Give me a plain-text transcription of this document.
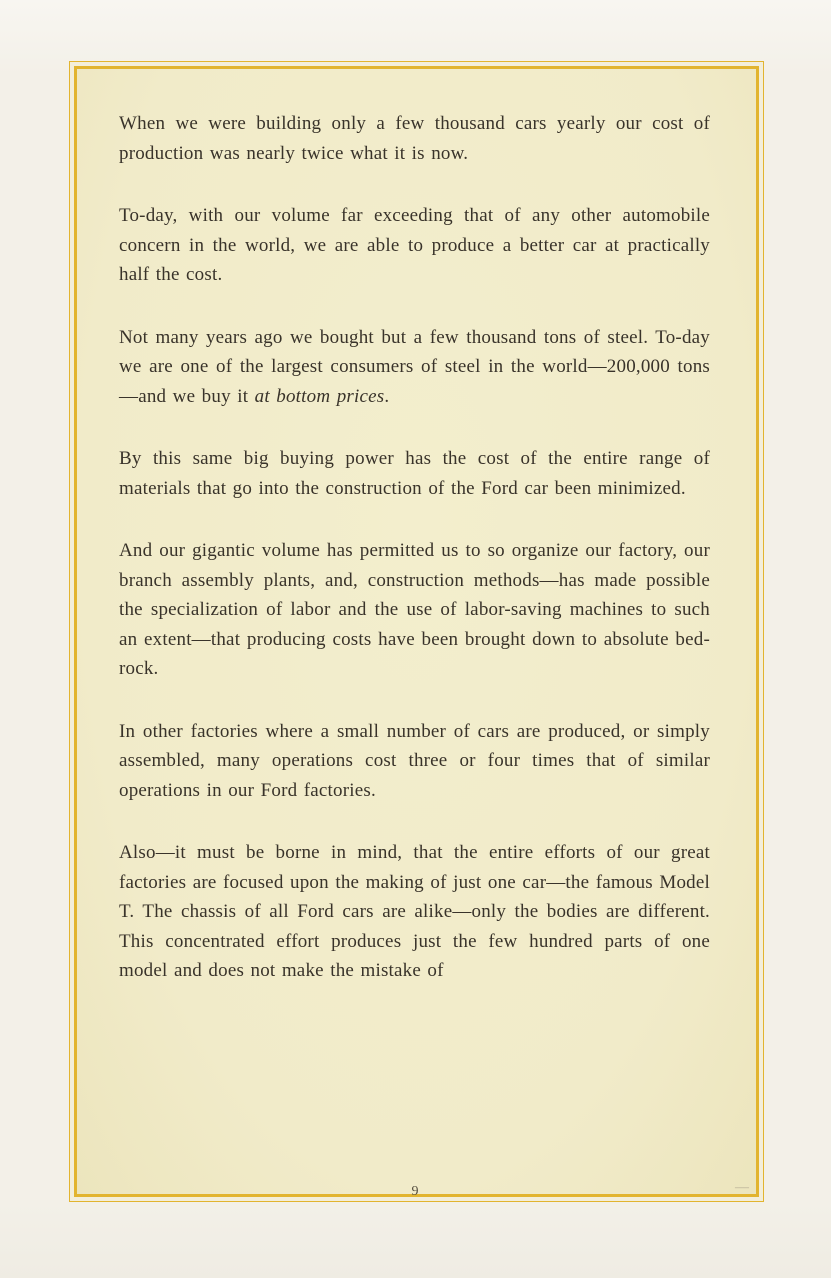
When we were building only a few thousand cars yearly our cost of production was nearly twice what it is now.

To-day, with our volume far exceeding that of any other automobile concern in the world, we are able to produce a better car at practically half the cost.

Not many years ago we bought but a few thousand tons of steel. To-day we are one of the largest consumers of steel in the world—200,000 tons—and we buy it at bottom prices.

By this same big buying power has the cost of the entire range of materials that go into the construction of the Ford car been minimized.

And our gigantic volume has permitted us to so organize our factory, our branch assembly plants, and, construction methods—has made possible the specialization of labor and the use of labor-saving machines to such an extent—that producing costs have been brought down to absolute bed-rock.

In other factories where a small number of cars are produced, or simply assembled, many operations cost three or four times that of similar operations in our Ford factories.

Also—it must be borne in mind, that the entire efforts of our great factories are focused upon the making of just one car—the famous Model T. The chassis of all Ford cars are alike—only the bodies are different. This concentrated effort produces just the few hundred parts of one model and does not make the mistake of

9	—
